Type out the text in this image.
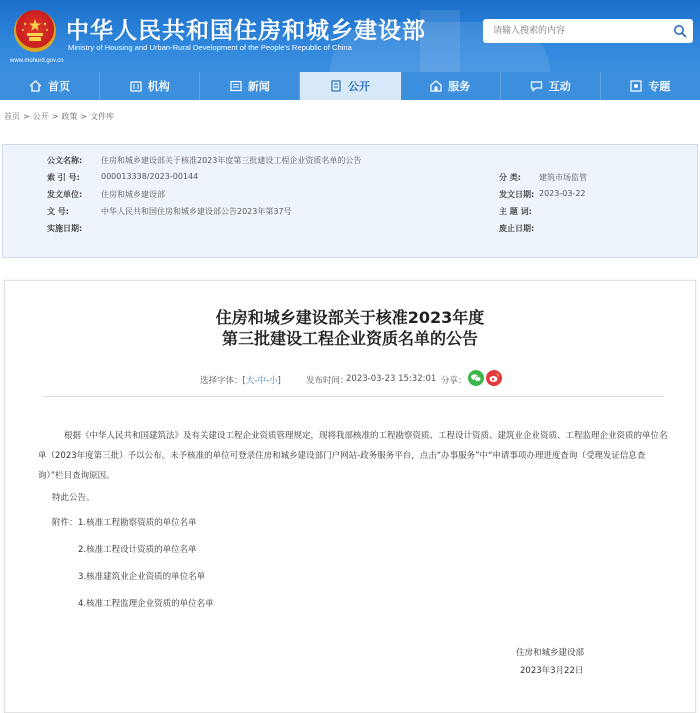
中华人民共和国住房和城乡建设部
Ministry of Housing and Urban-Rural Development of the People's Republic of China
www.mohurd.gov.cn
请输入搜索的内容
首页	机构	新闻	公开	服务	互动	专题
首页 > 公开 > 政策 > 文件库
公文名称:	住房和城乡建设部关于核准2023年度第三批建设工程企业资质名单的公告
索 引 号:	000013338/2023-00144	分 类:	建筑市场监管
发文单位:	住房和城乡建设部	发文日期: 2023-03-22
文 号:	中华人民共和国住房和城乡建设部公告2023年第37号	主 题 词:
实施日期:	废止日期:
住房和城乡建设部关于核准2023年度
第三批建设工程企业资质名单的公告
选择字体：[大-中-小]	发布时间：
2023-03-23 15:32:01 分享：
根据《中华人民共和国建筑法》及有关建设工程企业资质管理规定，现将我部核准的工程勘察资质、工程设计资质、建筑业企业资质、工程监理企业资质的单位名单（2023年度第三批）予以公布。未予核准的单位可登录住房和城乡建设部门户网站-政务服务平台，点击“办事服务”中“申请事项办理进度查询（受理发证信息查询）”栏目查询原因。
特此公告。
附件： 1.核准工程勘察资质的单位名单
2.核准工程设计资质的单位名单
3.核准建筑业企业资质的单位名单
4.核准工程监理企业资质的单位名单
住房和城乡建设部
2023年3月22日
